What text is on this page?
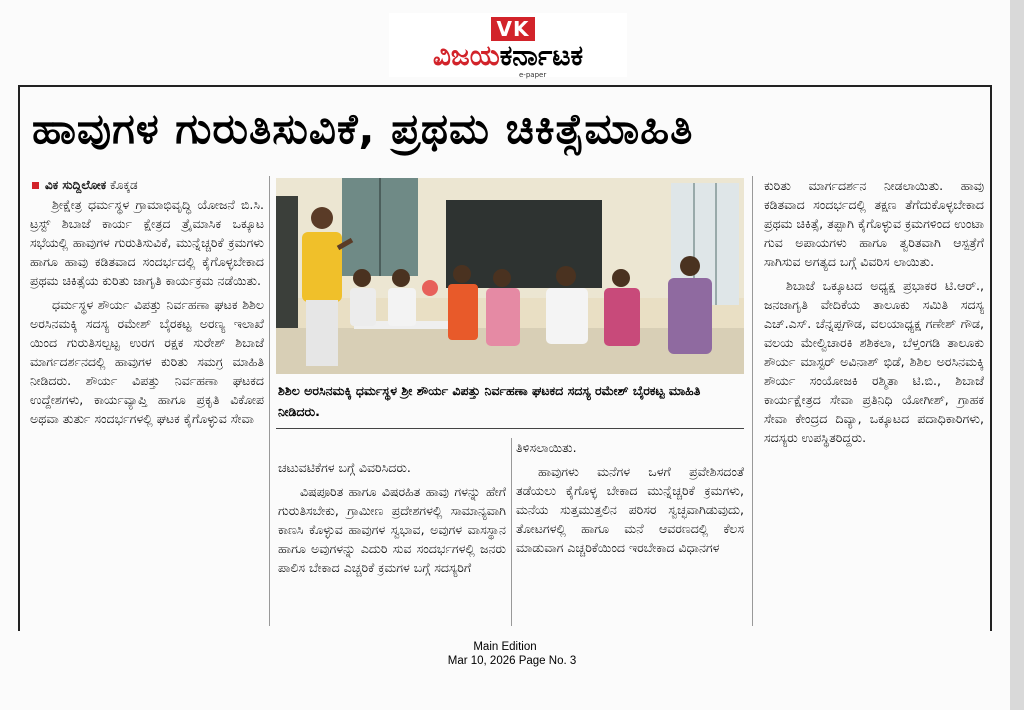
VK
ವಿಜಯಕರ್ನಾಟಕ
e-paper
ಹಾವುಗಳ ಗುರುತಿಸುವಿಕೆ, ಪ್ರಥಮ ಚಿಕಿತ್ಸೆಮಾಹಿತಿ
ವಿಕ ಸುದ್ದಿಲೋಕ ಕೊಕ್ಕಡ

ಶ್ರೀಕ್ಷೇತ್ರ ಧರ್ಮಸ್ಥಳ ಗ್ರಾಮಾಭಿವೃದ್ಧಿ ಯೋಜನೆ ಬಿ.ಸಿ. ಟ್ರಸ್ಟ್ ಶಿಬಾಜೆ ಕಾರ್ಯ ಕ್ಷೇತ್ರದ ತ್ರೈಮಾಸಿಕ ಒಕ್ಕೂಟ ಸಭೆಯಲ್ಲಿ ಹಾವುಗಳ ಗುರುತಿಸುವಿಕೆ, ಮುನ್ನೆಚ್ಚರಿಕೆ ಕ್ರಮಗಳು ಹಾಗೂ ಹಾವು ಕಡಿತವಾದ ಸಂದರ್ಭದಲ್ಲಿ ಕೈಗೊಳ್ಳಬೇಕಾದ ಪ್ರಥಮ ಚಿಕಿತ್ಸೆಯ ಕುರಿತು ಜಾಗೃತಿ ಕಾರ್ಯಕ್ರಮ ನಡೆಯಿತು.

ಧರ್ಮಸ್ಥಳ ಶೌರ್ಯ ವಿಪತ್ತು ನಿರ್ವಹಣಾ ಘಟಕ ಶಿಶಿಲ ಅರಸಿನಮಕ್ಕಿ ಸದಸ್ಯ ರಮೇಶ್ ಬೈರಕಟ್ಟ ಅರಣ್ಯ ಇಲಾಖೆ ಯಿಂದ ಗುರುತಿಸಲ್ಪಟ್ಟ ಉರಗ ರಕ್ಷಕ ಸುರೇಶ್ ಶಿಬಾಜೆ ಮಾರ್ಗದರ್ಶನದಲ್ಲಿ ಹಾವುಗಳ ಕುರಿತು ಸಮಗ್ರ ಮಾಹಿತಿ ನೀಡಿದರು. ಶೌರ್ಯ ವಿಪತ್ತು ನಿರ್ವಹಣಾ ಘಟಕದ ಉದ್ದೇಶಗಳು, ಕಾರ್ಯವ್ಯಾಪ್ತಿ ಹಾಗೂ ಪ್ರಕೃತಿ ವಿಕೋಪ ಅಥವಾ ತುರ್ತು ಸಂದರ್ಭಗಳಲ್ಲಿ ಘಟಕ ಕೈಗೊಳ್ಳುವ ಸೇವಾ

ಶಿಶಿಲ ಅರಸಿನಮಕ್ಕಿ ಧರ್ಮಸ್ಥಳ ಶ್ರೀ ಶೌರ್ಯ ವಿಪತ್ತು ನಿರ್ವಹಣಾ ಘಟಕದ ಸದಸ್ಯ ರಮೇಶ್ ಬೈರಕಟ್ಟ ಮಾಹಿತಿ ನೀಡಿದರು.

ಚಟುವಟಿಕೆಗಳ ಬಗ್ಗೆ ವಿವರಿಸಿದರು.

ವಿಷಪೂರಿತ ಹಾಗೂ ವಿಷರಹಿತ ಹಾವು ಗಳನ್ನು ಹೇಗೆ ಗುರುತಿಸಬೇಕು, ಗ್ರಾಮೀಣ ಪ್ರದೇಶಗಳಲ್ಲಿ ಸಾಮಾನ್ಯವಾಗಿ ಕಾಣಸಿ ಕೊಳ್ಳುವ ಹಾವುಗಳ ಸ್ವಭಾವ, ಅವುಗಳ ವಾಸಸ್ಥಾನ ಹಾಗೂ ಅವುಗಳನ್ನು ಎದುರಿ ಸುವ ಸಂದರ್ಭಗಳಲ್ಲಿ ಜನರು ಪಾಲಿಸ ಬೇಕಾದ ಎಚ್ಚರಿಕೆ ಕ್ರಮಗಳ ಬಗ್ಗೆ ಸದಸ್ಯರಿಗೆ

ತಿಳಿಸಲಾಯಿತು.

ಹಾವುಗಳು ಮನೆಗಳ ಒಳಗೆ ಪ್ರವೇಶಿಸದಂತೆ ತಡೆಯಲು ಕೈಗೊಳ್ಳ ಬೇಕಾದ ಮುನ್ನೆಚ್ಚರಿಕೆ ಕ್ರಮಗಳು, ಮನೆಯ ಸುತ್ತಮುತ್ತಲಿನ ಪರಿಸರ ಸ್ವಚ್ಛವಾಗಿಡುವುದು, ತೋಟಗಳಲ್ಲಿ ಹಾಗೂ ಮನೆ ಆವರಣದಲ್ಲಿ ಕೆಲಸ ಮಾಡುವಾಗ ಎಚ್ಚರಿಕೆಯಿಂದ ಇರಬೇಕಾದ ವಿಧಾನಗಳ

ಕುರಿತು ಮಾರ್ಗದರ್ಶನ ನೀಡಲಾಯಿತು. ಹಾವು ಕಡಿತವಾದ ಸಂದರ್ಭದಲ್ಲಿ ತಕ್ಷಣ ತೆಗೆದುಕೊಳ್ಳಬೇಕಾದ ಪ್ರಥಮ ಚಿಕಿತ್ಸೆ, ತಪ್ಪಾಗಿ ಕೈಗೊಳ್ಳುವ ಕ್ರಮಗಳಿಂದ ಉಂಟಾ ಗುವ ಅಪಾಯಗಳು ಹಾಗೂ ತ್ವರಿತವಾಗಿ ಆಸ್ಪತ್ರೆಗೆ ಸಾಗಿಸುವ ಅಗತ್ಯದ ಬಗ್ಗೆ ವಿವರಿಸ ಲಾಯಿತು.

ಶಿಬಾಜೆ ಒಕ್ಕೂಟದ ಅಧ್ಯಕ್ಷ ಪ್ರಭಾಕರ ಟಿ.ಆರ್., ಜನಜಾಗೃತಿ ವೇದಿಕೆಯ ತಾಲೂಕು ಸಮಿತಿ ಸದಸ್ಯ ಎಚ್.ಎಸ್. ಚೆನ್ನಪ್ಪಗೌಡ, ವಲಯಾಧ್ಯಕ್ಷ ಗಣೇಶ್ ಗೌಡ, ವಲಯ ಮೇಲ್ವಿಚಾರಕಿ ಶಶಿಕಲಾ, ಬೆಳ್ತಂಗಡಿ ತಾಲೂಕು ಶೌರ್ಯ ಮಾಸ್ಟರ್ ಅವಿನಾಶ್ ಭಿಡೆ, ಶಿಶಿಲ ಅರಸಿನಮಕ್ಕಿ ಶೌರ್ಯ ಸಂಯೋಜಕಿ ರಶ್ಮಿತಾ ಟಿ.ಬಿ., ಶಿಬಾಜೆ ಕಾರ್ಯಕ್ಷೇತ್ರದ ಸೇವಾ ಪ್ರತಿನಿಧಿ ಯೋಗೀಶ್, ಗ್ರಾಹಕ ಸೇವಾ ಕೇಂದ್ರದ ದಿವ್ಯಾ, ಒಕ್ಕೂಟದ ಪದಾಧಿಕಾರಿಗಳು, ಸದಸ್ಯರು ಉಪಸ್ಥಿತರಿದ್ದರು.

Main Edition
Mar 10, 2026 Page No. 3
